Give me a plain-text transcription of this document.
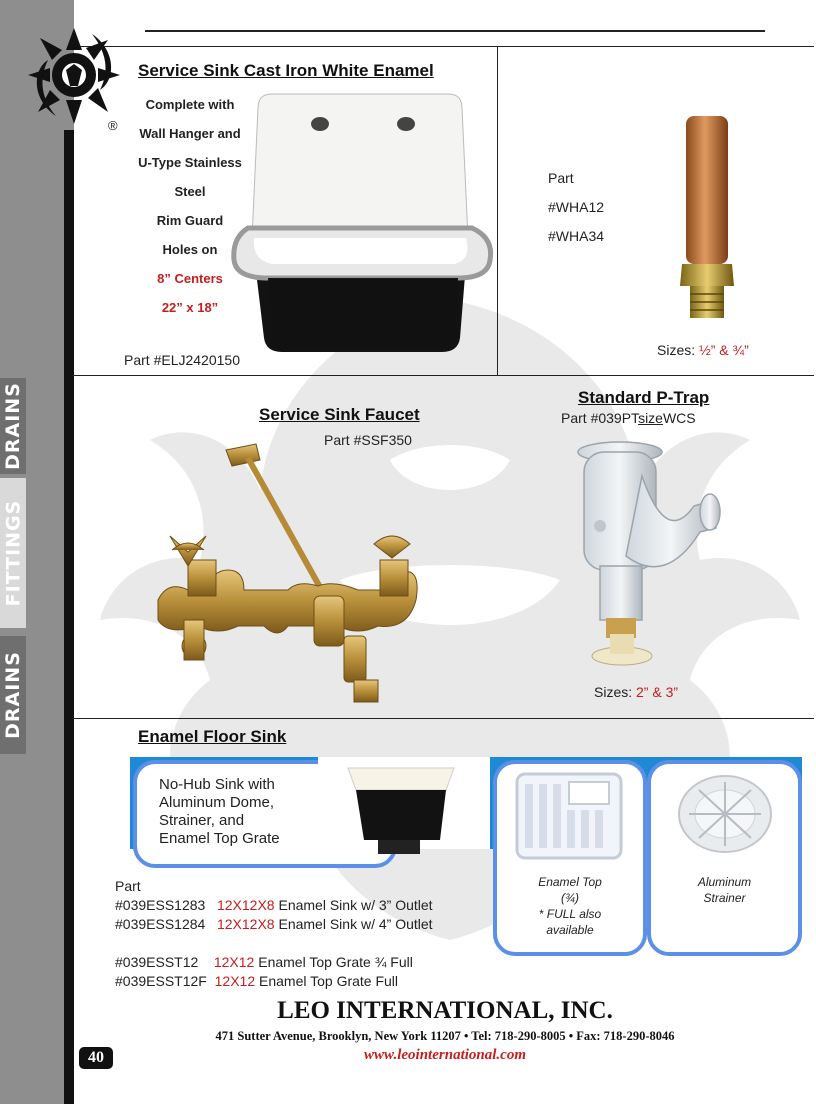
DRAINS
FITTINGS
DRAINS
®
Service Sink Cast Iron White Enamel
Complete with
Wall Hanger and
U-Type Stainless
Steel
Rim Guard
Holes on
8” Centers
22” x 18”
Part #ELJ2420150
Part
#WHA12
#WHA34
Sizes: ½” & ¾”
Service Sink Faucet
Part #SSF350
Standard P-Trap
Part #039PTsizeWCS
Sizes: 2” & 3”
Enamel Floor Sink
No-Hub Sink with
Aluminum Dome,
Strainer, and
Enamel Top Grate
Enamel Top
(¾)
* FULL also
available
Aluminum
Strainer
Part
#039ESS1283 12X12X8 Enamel Sink w/ 3” Outlet
#039ESS1284 12X12X8 Enamel Sink w/ 4” Outlet
#039ESST12 12X12 Enamel Top Grate ¾ Full
#039ESST12F 12X12 Enamel Top Grate Full
LEO INTERNATIONAL, INC.
471 Sutter Avenue, Brooklyn, New York 11207 • Tel: 718-290-8005 • Fax: 718-290-8046
www.leointernational.com
40
